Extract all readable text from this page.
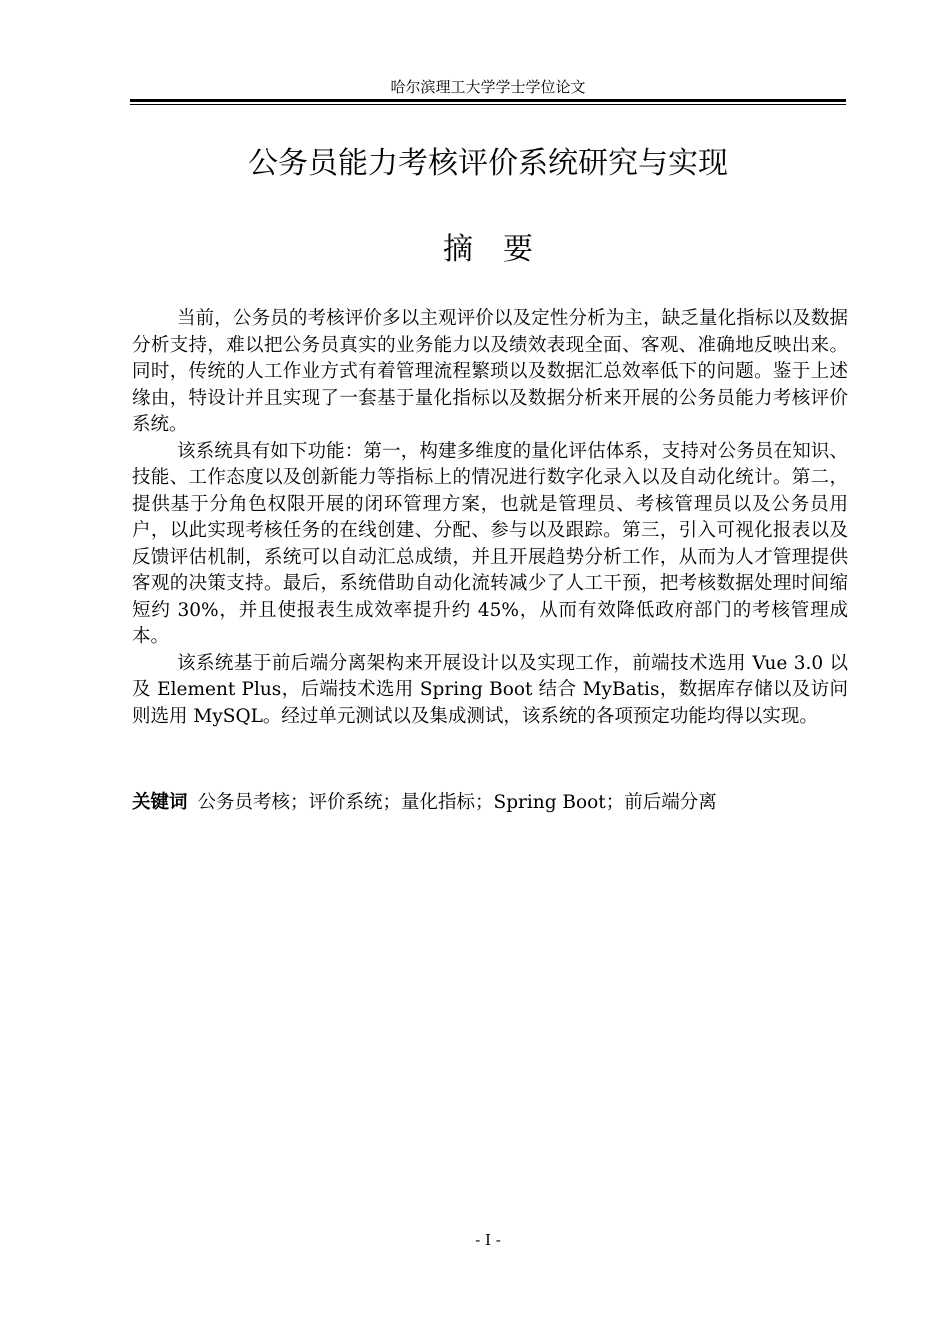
哈尔滨理工大学学士学位论文
公务员能力考核评价系统研究与实现
摘要

当前，公务员的考核评价多以主观评价以及定性分析为主，缺乏量化指标以及数据分析支持，难以把公务员真实的业务能力以及绩效表现全面、客观、准确地反映出来。同时，传统的人工作业方式有着管理流程繁琐以及数据汇总效率低下的问题。鉴于上述缘由，特设计并且实现了一套基于量化指标以及数据分析来开展的公务员能力考核评价系统。

该系统具有如下功能：第一，构建多维度的量化评估体系，支持对公务员在知识、技能、工作态度以及创新能力等指标上的情况进行数字化录入以及自动化统计。第二，提供基于分角色权限开展的闭环管理方案，也就是管理员、考核管理员以及公务员用户，以此实现考核任务的在线创建、分配、参与以及跟踪。第三，引入可视化报表以及反馈评估机制，系统可以自动汇总成绩，并且开展趋势分析工作，从而为人才管理提供客观的决策支持。最后，系统借助自动化流转减少了人工干预，把考核数据处理时间缩短约 30%，并且使报表生成效率提升约 45%，从而有效降低政府部门的考核管理成本。

该系统基于前后端分离架构来开展设计以及实现工作，前端技术选用 Vue 3.0 以及 Element Plus，后端技术选用 Spring Boot 结合 MyBatis，数据库存储以及访问则选用 MySQL。经过单元测试以及集成测试，该系统的各项预定功能均得以实现。

关键词 公务员考核；评价系统；量化指标；Spring Boot；前后端分离
- I -
